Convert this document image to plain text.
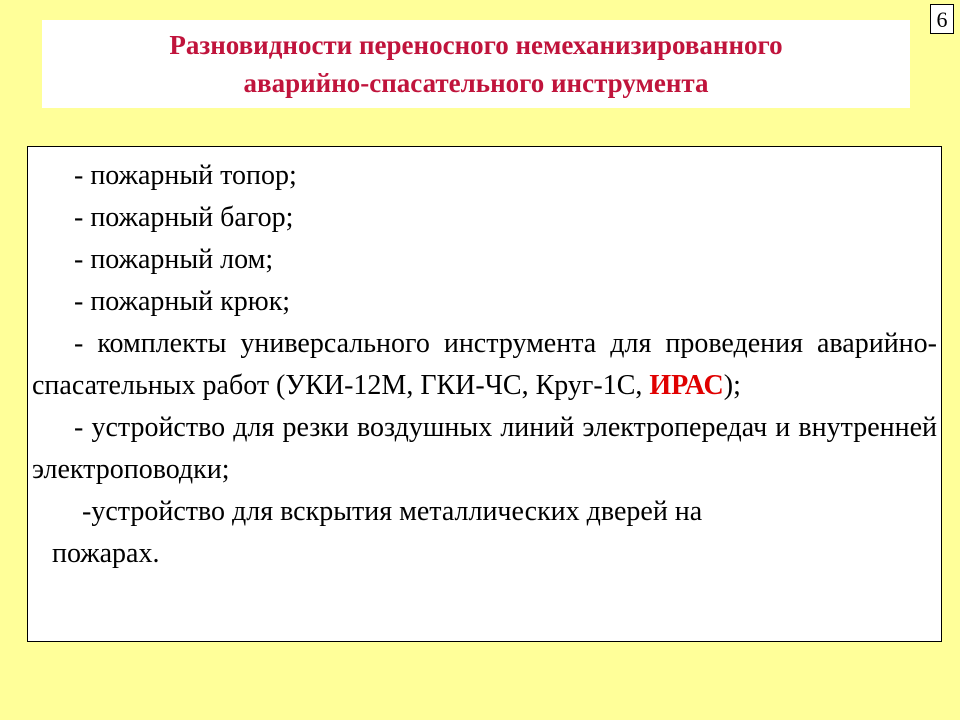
6
Разновидности переносного немеханизированного
аварийно-спасательного инструмента

- пожарный топор;

- пожарный багор;

- пожарный лом;

- пожарный крюк;

- комплекты универсального инструмента для проведения аварийно-спасательных работ (УКИ-12М, ГКИ-ЧС, Круг-1С, ИРАС);

- устройство для резки воздушных линий электропередач и внутренней электроповодки;

-устройство для вскрытия металлических дверей на
пожарах.
